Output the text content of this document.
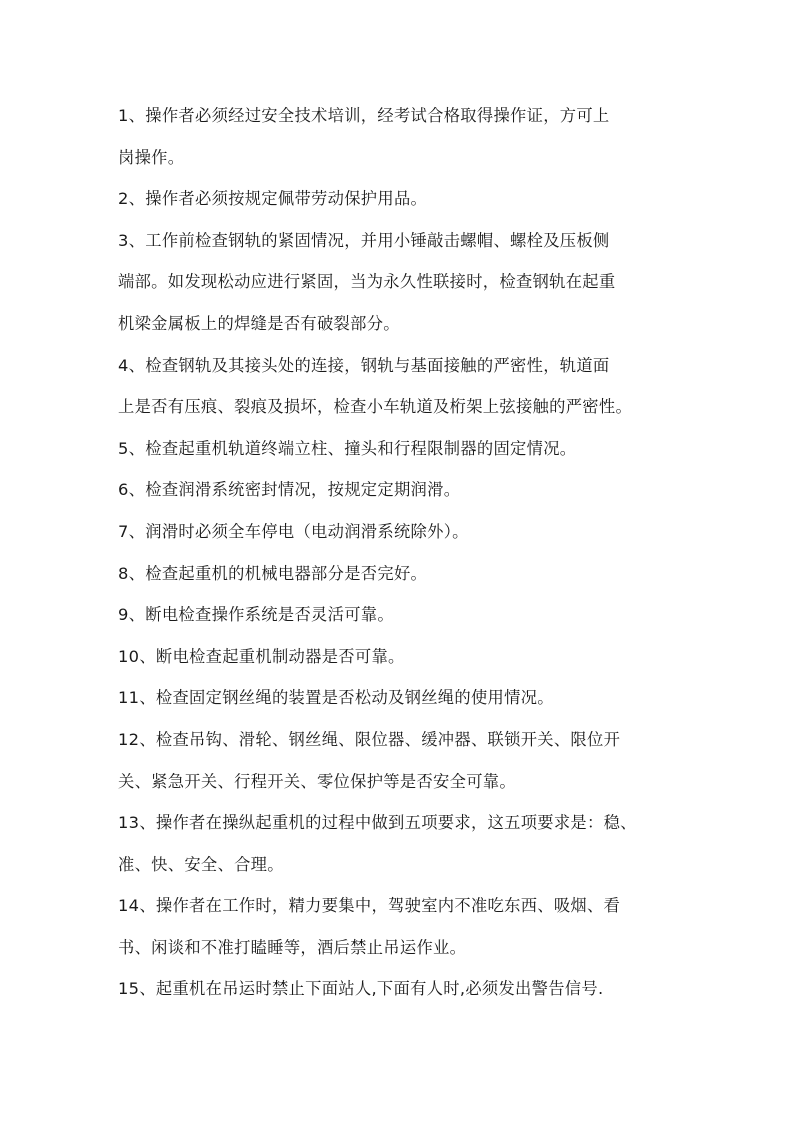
1、操作者必须经过安全技术培训，经考试合格取得操作证，方可上
岗操作。
2、操作者必须按规定佩带劳动保护用品。
3、工作前检查钢轨的紧固情况，并用小锤敲击螺帽、螺栓及压板侧
端部。如发现松动应进行紧固，当为永久性联接时，检查钢轨在起重
机梁金属板上的焊缝是否有破裂部分。
4、检查钢轨及其接头处的连接，钢轨与基面接触的严密性，轨道面
上是否有压痕、裂痕及损坏，检查小车轨道及桁架上弦接触的严密性。
5、检查起重机轨道终端立柱、撞头和行程限制器的固定情况。
6、检查润滑系统密封情况，按规定定期润滑。
7、润滑时必须全车停电（电动润滑系统除外）。
8、检查起重机的机械电器部分是否完好。
9、断电检查操作系统是否灵活可靠。
10、断电检查起重机制动器是否可靠。
11、检查固定钢丝绳的装置是否松动及钢丝绳的使用情况。
12、检查吊钩、滑轮、钢丝绳、限位器、缓冲器、联锁开关、限位开
关、紧急开关、行程开关、零位保护等是否安全可靠。
13、操作者在操纵起重机的过程中做到五项要求，这五项要求是：稳、
准、快、安全、合理。
14、操作者在工作时，精力要集中，驾驶室内不准吃东西、吸烟、看
书、闲谈和不准打瞌睡等，酒后禁止吊运作业。
15、起重机在吊运时禁止下面站人,下面有人时,必须发出警告信号.
